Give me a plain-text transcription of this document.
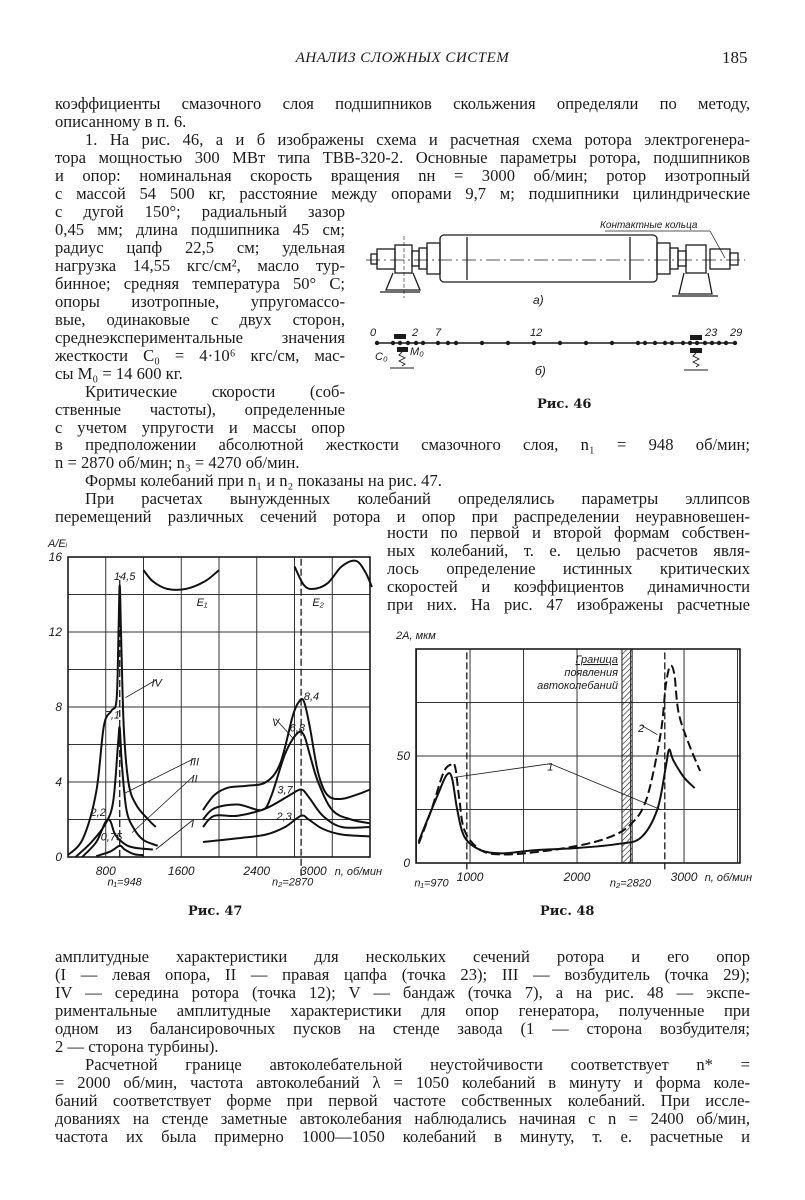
АНАЛИЗ СЛОЖНЫХ СИСТЕМ	185
коэффициенты смазочного слоя подшипников скольжения определяли по методу,
описанному в п. 6.
1. На рис. 46, а и б изображены схема и расчетная схема ротора электрогенера-
тора мощностью 300 МВт типа ТВВ-320-2. Основные параметры ротора, подшипников
и опор: номинальная скорость вращения nн = 3000 об/мин; ротор изотропный
с массой 54 500 кг, расстояние между опорами 9,7 м; подшипники цилиндрические
с дугой 150°; радиальный зазор
0,45 мм; длина подшипника 45 см;
радиус цапф 22,5 см; удельная
нагрузка 14,55 кгс/см², масло тур-
бинное; средняя температура 50° С;
опоры изотропные, упругомассо-
вые, одинаковые с двух сторон,
среднеэкспериментальные значения
жесткости C₀ = 4·10⁶ кгс/см, мас-
сы M₀ = 14 600 кг.
Критические скорости (соб-
ственные частоты), определенные
с учетом упругости и массы опор
в предположении абсолютной жесткости смазочного слоя, n₁ = 948 об/мин;
n = 2870 об/мин; n₃ = 4270 об/мин.
Формы колебаний при n₁ и n₂ показаны на рис. 47.
При расчетах вынужденных колебаний определялись параметры эллипсов
перемещений различных сечений ротора и опор при распределении неуравновешен-
ности по первой и второй формам собствен-
ных колебаний, т. е. целью расчетов явля-
лось определение истинных критических
скоростей и коэффициентов динамичности
при них. На рис. 47 изображены расчетные
амплитудные характеристики для нескольких сечений ротора и его опор
(I — левая опора, II — правая цапфа (точка 23); III — возбудитель (точка 29);
IV — середина ротора (точка 12); V — бандаж (точка 7), а на рис. 48 — экспе-
риментальные амплитудные характеристики для опор генератора, полученные при
одном из балансировочных пусков на стенде завода (1 — сторона возбудителя;
2 — сторона турбины).
Расчетной границе автоколебательной неустойчивости соответствует n* =
= 2000 об/мин, частота автоколебаний λ = 1050 колебаний в минуту и форма коле-
баний соответствует форме при первой частоте собственных колебаний. При иссле-
дованиях на стенде заметные автоколебания наблюдались начиная с n = 2400 об/мин,
частота их была примерно 1000—1050 колебаний в минуту, т. е. расчетные и
Контактные кольца
а)
б)
0	2 7	12	23 29
C₀ M₀
Рис. 46
800	1600	2400 3000
0
4
8
12
16
A/Eᵢ
n, об/мин
14,5
7,1
2,2
0,75
8,4
6,8
3,7
2,3
IV
V
III
II
I
E₁	E₂
n₁=948	n₂=2870
Рис. 47
Граница
появления
автоколебаний
1000	2000	3000
0
50
2A, мкм
n, об/мин
1
2
n₁=970	n₂=2820
Рис. 48
